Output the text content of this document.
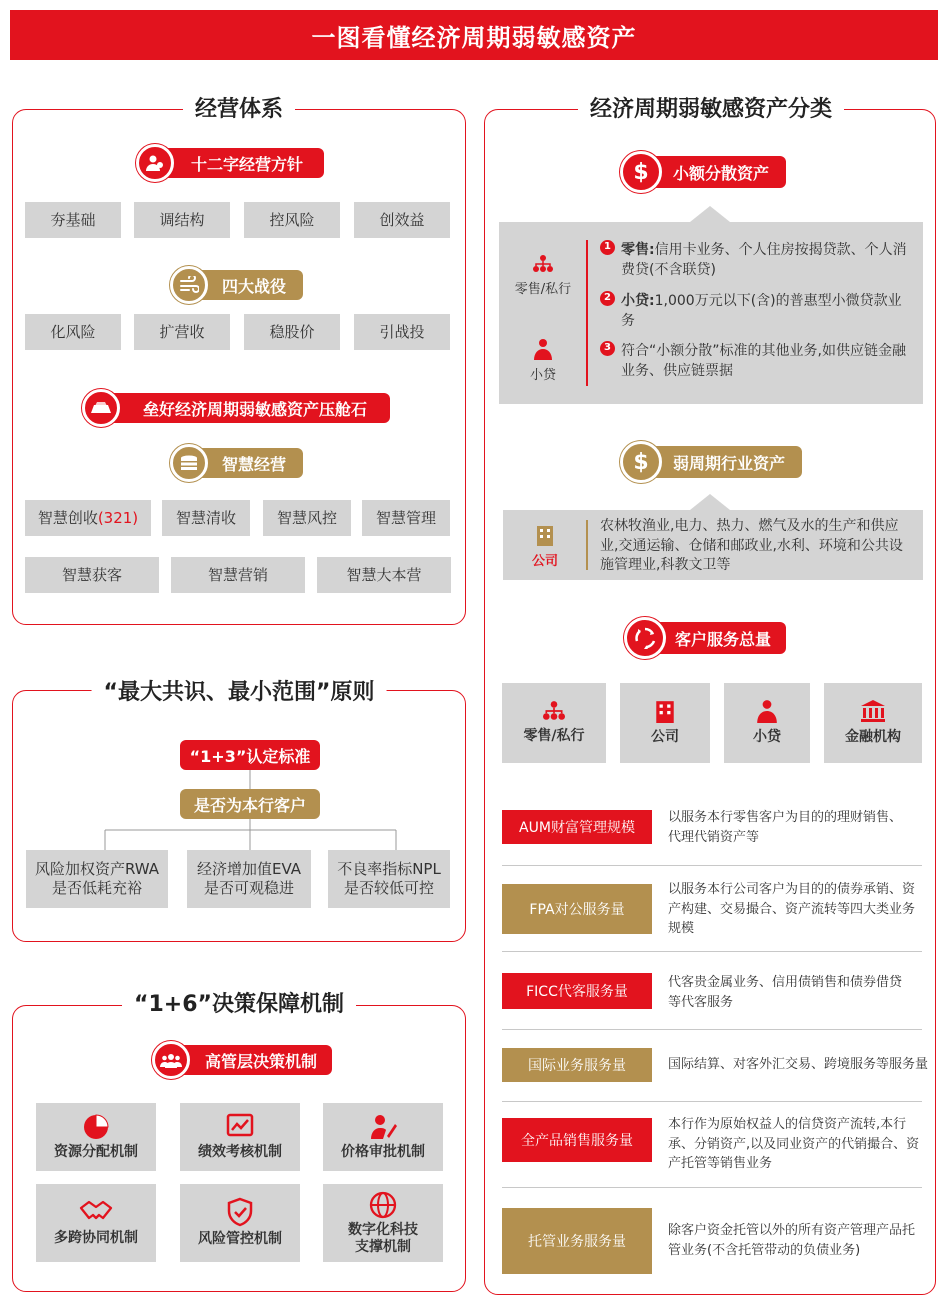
一图看懂经济周期弱敏感资产
经营体系
十二字经营方针
夯基础	调结构	控风险	创效益
四大战役
化风险	扩营收	稳股价	引战投
垒好经济周期弱敏感资产压舱石
智慧经营
智慧创收 (321)	智慧清收	智慧风控	智慧管理
智慧获客	智慧营销	智慧大本营
“最大共识、最小范围”原则
“1+3”认定标准
是否为本行客户
风险加权资产RWA
是否低耗充裕
经济增加值EVA
是否可观稳进
不良率指标NPL
是否较低可控
“1+6”决策保障机制
高管层决策机制
资源分配机制	绩效考核机制	价格审批机制
多跨协同机制	风险管控机制
数字化科技
支撑机制
经济周期弱敏感资产分类
小额分散资产
$
零售/私行
小贷
1 零售:信用卡业务、个人住房按揭贷款、个人消费贷(不含联贷)
2 小贷:1,000万元以下(含)的普惠型小微贷款业务
3 符合“小额分散”标准的其他业务,如供应链金融业务、供应链票据
弱周期行业资产
$
公司
农林牧渔业,电力、热力、燃气及水的生产和供应业,交通运输、仓储和邮政业,水利、环境和公共设施管理业,科教文卫等
客户服务总量
零售/私行	公司	小贷	金融机构
AUM财富管理规模
以服务本行零售客户为目的的理财销售、代理代销资产等
FPA对公服务量
以服务本行公司客户为目的的债券承销、资产构建、交易撮合、资产流转等四大类业务规模
FICC代客服务量
代客贵金属业务、信用债销售和债券借贷等代客服务
国际业务服务量	国际结算、对客外汇交易、跨境服务等服务量
全产品销售服务量
本行作为原始权益人的信贷资产流转,本行承、分销资产,以及同业资产的代销撮合、资产托管等销售业务
托管业务服务量
除客户资金托管以外的所有资产管理产品托管业务(不含托管带动的负债业务)
